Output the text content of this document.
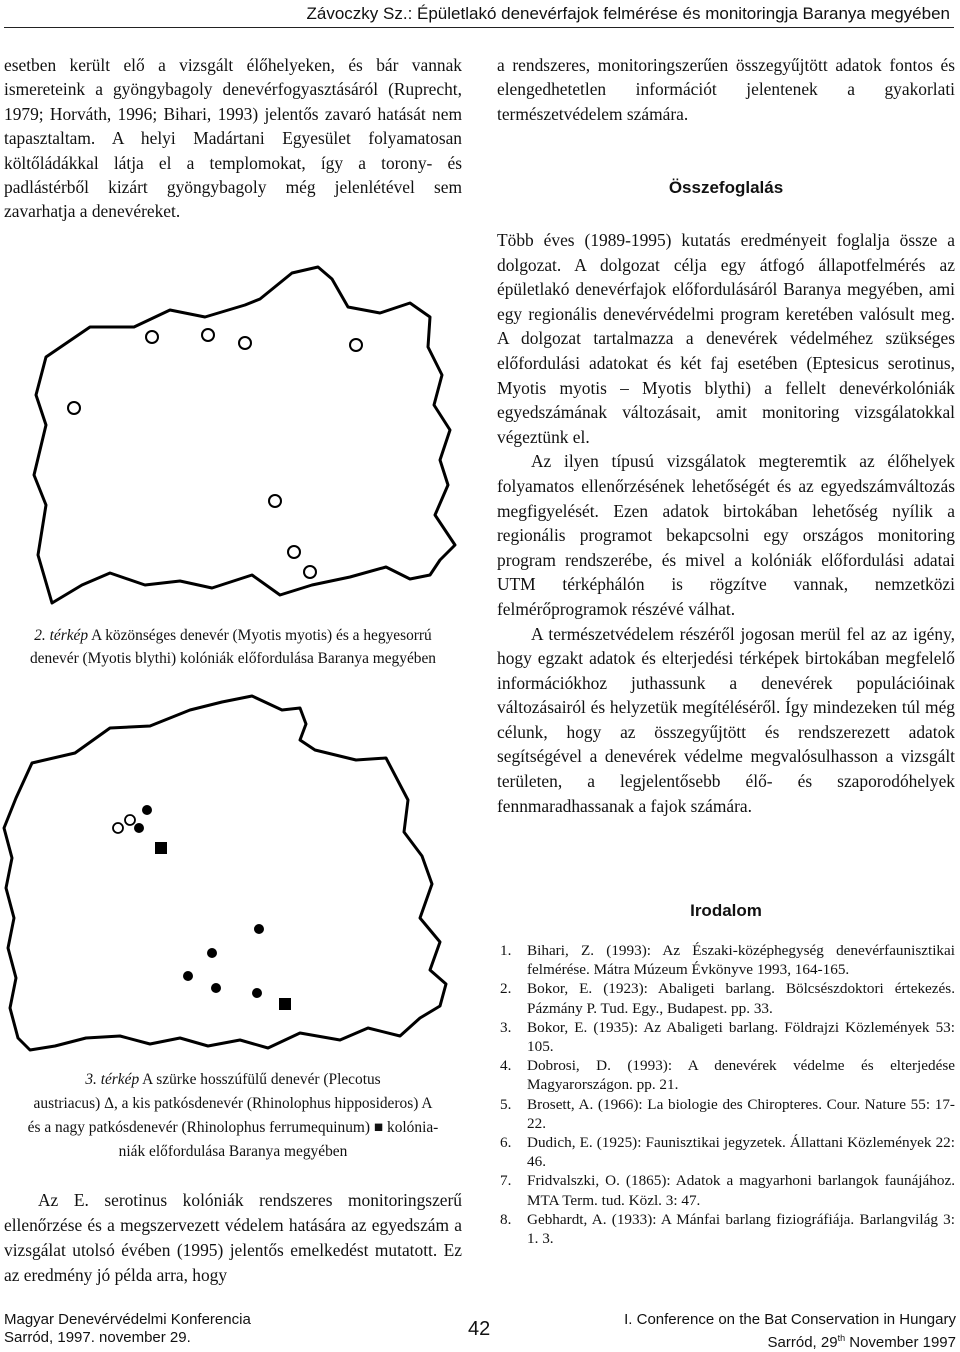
Závoczky Sz.: Épületlakó denevérfajok felmérése és monitoringja Baranya megyében

esetben került elő a vizsgált élőhelyeken, és bár vannak ismereteink a gyöngybagoly denevérfogyasztásáról (Ruprecht, 1979; Horváth, 1996; Bihari, 1993) jelentős zavaró hatását nem tapasztaltam. A helyi Madártani Egyesület folyamatosan költőládákkal látja el a templomokat, így a torony- és padlástérből kizárt gyöngybagoly még jelenlétével sem zavarhatja a denevéreket.

2. térkép A közönséges denevér (Myotis myotis) és a hegyesorrú
denevér (Myotis blythi) kolóniák előfordulása Baranya megyében
3. térkép A szürke hosszúfülű denevér (Plecotus
austriacus) Δ, a kis patkósdenevér (Rhinolophus hipposideros) A
és a nagy patkósdenevér (Rhinolophus ferrumequinum) ■ kolónia-
niák előfordulása Baranya megyében

Az E. serotinus kolóniák rendszeres monitoringszerű ellenőrzése és a megszervezett védelem hatására az egyedszám a vizsgálat utolsó évében (1995) jelentős emelkedést mutatott. Ez az eredmény jó példa arra, hogy

a rendszeres, monitoringszerűen összegyűjtött adatok fontos és elengedhetetlen információt jelentenek a gyakorlati természetvédelem számára.

Összefoglalás

Több éves (1989-1995) kutatás eredményeit foglalja össze a dolgozat. A dolgozat célja egy átfogó állapotfelmérés az épületlakó denevérfajok előfordulásáról Baranya megyében, ami egy regionális denevérvédelmi program keretében valósult meg. A dolgozat tartalmazza a denevérek védelméhez szükséges előfordulási adatokat és két faj esetében (Eptesicus serotinus, Myotis myotis – Myotis blythi) a fellelt denevérkolóniák egyedszámának változásait, amit monitoring vizsgálatokkal végeztünk el.

Az ilyen típusú vizsgálatok megteremtik az élőhelyek folyamatos ellenőrzésének lehetőségét és az egyedszámváltozás megfigyelését. Ezen adatok birtokában lehetőség nyílik a regionális programot bekapcsolni egy országos monitoring program rendszerébe, és mivel a kolóniák előfordulási adatai UTM térképhálón is rögzítve vannak, nemzetközi felmérőprogramok részévé válhat.

A természetvédelem részéről jogosan merül fel az az igény, hogy egzakt adatok és elterjedési térképek birtokában megfelelő információkhoz juthassunk a denevérek populációinak változásairól és helyzetük megítéléséről. Így mindezeken túl még célunk, hogy az összegyűjtött és rendszerezett adatok segítségével a denevérek védelme megvalósulhasson a vizsgált területen, a legjelentősebb élő- és szaporodóhelyek fennmaradhassanak a fajok számára.

Irodalom
1. Bihari, Z. (1993): Az Északi-középhegység denevérfaunisztikai felmérése. Mátra Múzeum Évkönyve 1993, 164-165.
2. Bokor, E. (1923): Abaligeti barlang. Bölcsészdoktori értekezés. Pázmány P. Tud. Egy., Budapest. pp. 33.
3. Bokor, E. (1935): Az Abaligeti barlang. Földrajzi Közlemények 53: 105.
4. Dobrosi, D. (1993): A denevérek védelme és elterjedése Magyarországon. pp. 21.
5. Brosett, A. (1966): La biologie des Chiropteres. Cour. Nature 55: 17-22.
6. Dudich, E. (1925): Faunisztikai jegyzetek. Állattani Közlemények 22: 46.
7. Fridvalszki, O. (1865): Adatok a magyarhoni barlangok faunájához. MTA Term. tud. Közl. 3: 47.
8. Gebhardt, A. (1933): A Mánfai barlang fiziográfiája. Barlangvilág 3: 1. 3.
Magyar Denevérvédelmi Konferencia
Sarród, 1997. november 29.	42	I. Conference on the Bat Conservation in Hungary
Sarród, 29th November 1997
